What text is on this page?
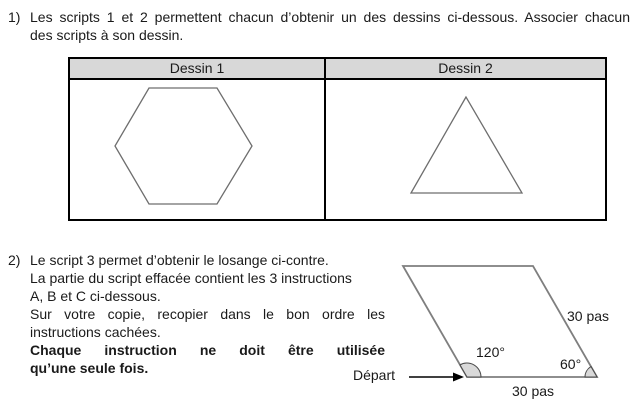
1) Les scripts 1 et 2 permettent chacun d’obtenir un des dessins ci-dessous. Associer chacun
des scripts à son dessin.
Dessin 1	Dessin 2
2) Le script 3 permet d’obtenir le losange ci-contre.
La partie du script effacée contient les 3 instructions
A, B et C ci-dessous.
Sur votre copie, recopier dans le bon ordre les
instructions cachées.
Chaque instruction ne doit être utilisée
qu’une seule fois.	Départ
120°
60°
30 pas
30 pas
